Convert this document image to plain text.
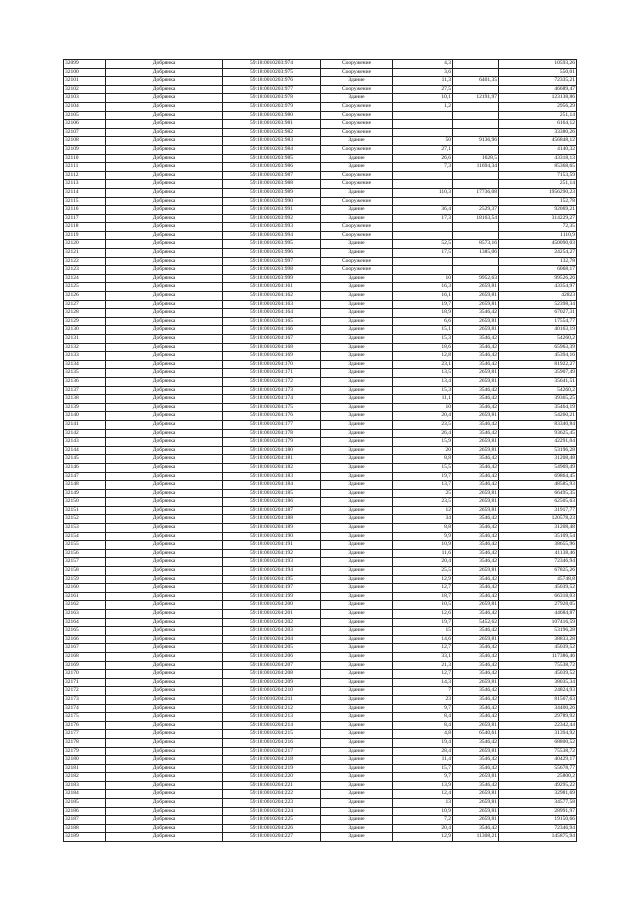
32099	Добрянка	59:18:0010203:974	Сооружение	4,3		10593,26
32100	Добрянка	59:18:0010203:975	Сооружение	3,6		550,01
32101	Добрянка	59:18:0010203:976	Здание	11,3	6401,35	72335,21
32102	Добрянка	59:18:0010203:977	Сооружение	27,5		46689,47
32103	Добрянка	59:18:0010203:978	Здание	10,1	12191,97	123138,86
32104	Добрянка	59:18:0010203:979	Сооружение	1,2		2956,29
32105	Добрянка	59:18:0010203:980	Сооружение			251,14
32106	Добрянка	59:18:0010203:981	Сооружение			6164,12
32107	Добрянка	59:18:0010203:982	Сооружение			33380,26
32108	Добрянка	59:18:0010203:983	Здание	50	9136,96	456848,12
32109	Добрянка	59:18:0010203:984	Сооружение	27,1		4140,32
32110	Добрянка	59:18:0010203:985	Здание	26,6	1628,5	43318,13
32111	Добрянка	59:18:0010203:986	Здание	7,3	11694,34	85368,65
32112	Добрянка	59:18:0010203:987	Сооружение			7153,59
32113	Добрянка	59:18:0010203:988	Сооружение			251,14
32114	Добрянка	59:18:0010203:989	Здание	110,3	17736,08	1956290,23
32115	Добрянка	59:18:0010203:990	Сооружение			152,78
32116	Добрянка	59:18:0010203:991	Здание	36,4	2529,37	92069,21
32117	Добрянка	59:18:0010203:992	Здание	17,3	18163,54	314229,27
32118	Добрянка	59:18:0010203:993	Сооружение			72,35
32119	Добрянка	59:18:0010203:994	Сооружение			1110,9
32120	Добрянка	59:18:0010203:995	Здание	52,5	8573,16	450090,03
32121	Добрянка	59:18:0010203:996	Здание	17,5	1385,06	24254,27
32122	Добрянка	59:18:0010203:997	Сооружение			132,78
32123	Добрянка	59:18:0010203:998	Сооружение			6068,17
32124	Добрянка	59:18:0010203:999	Здание	10	9952,63	99526,26
32125	Добрянка	59:18:0010204:161	Здание	16,3	2659,81	43354,97
32126	Добрянка	59:18:0010204:162	Здание	16,1	2659,81	42823
32127	Добрянка	59:18:0010204:163	Здание	19,7	2659,81	52398,34
32128	Добрянка	59:18:0010204:164	Здание	18,9	3546,42	67027,31
32129	Добрянка	59:18:0010204:165	Здание	6,6	2659,81	17554,77
32130	Добрянка	59:18:0010204:166	Здание	15,1	2659,81	40163,19
32131	Добрянка	59:18:0010204:167	Здание	15,3	3546,42	54260,2
32132	Добрянка	59:18:0010204:168	Здание	18,6	3546,42	65963,39
32133	Добрянка	59:18:0010204:169	Здание	12,8	3546,42	45394,16
32134	Добрянка	59:18:0010204:170	Здание	23,1	3546,42	81922,27
32135	Добрянка	59:18:0010204:171	Здание	13,5	2659,81	35907,49
32136	Добрянка	59:18:0010204:172	Здание	13,4	2659,81	35641,51
32137	Добрянка	59:18:0010204:173	Здание	15,3	3546,42	54260,2
32138	Добрянка	59:18:0010204:174	Здание	11,1	3546,42	39365,25
32139	Добрянка	59:18:0010204:175	Здание	10	3546,42	35464,19
32140	Добрянка	59:18:0010204:176	Здание	20,4	2659,81	54260,21
32141	Добрянка	59:18:0010204:177	Здание	23,5	3546,42	83340,84
32142	Добрянка	59:18:0010204:178	Здание	26,4	3546,42	93625,45
32143	Добрянка	59:18:0010204:179	Здание	15,9	2659,81	42291,04
32144	Добрянка	59:18:0010204:180	Здание	20	2659,81	53196,28
32145	Добрянка	59:18:0010204:181	Здание	8,8	3546,42	31208,48
32146	Добрянка	59:18:0010204:182	Здание	15,5	3546,42	54969,49
32147	Добрянка	59:18:0010204:183	Здание	19,7	3546,42	69864,45
32148	Добрянка	59:18:0010204:184	Здание	13,7	3546,42	48585,93
32149	Добрянка	59:18:0010204:185	Здание	25	2659,81	66495,35
32150	Добрянка	59:18:0010204:186	Здание	23,5	2659,81	62505,63
32151	Добрянка	59:18:0010204:187	Здание	12	2659,81	31917,77
32152	Добрянка	59:18:0010204:188	Здание	34	3546,42	120578,23
32153	Добрянка	59:18:0010204:189	Здание	8,8	3546,42	31208,48
32154	Добрянка	59:18:0010204:190	Здание	9,9	3546,42	35109,54
32155	Добрянка	59:18:0010204:191	Здание	10,9	3546,42	38655,96
32156	Добрянка	59:18:0010204:192	Здание	11,6	3546,42	41138,46
32157	Добрянка	59:18:0010204:193	Здание	20,4	3546,42	72346,94
32158	Добрянка	59:18:0010204:194	Здание	25,5	2659,81	67825,26
32159	Добрянка	59:18:0010204:195	Здание	12,9	3546,42	45748,8
32160	Добрянка	59:18:0010204:197	Здание	12,7	3546,42	45039,52
32161	Добрянка	59:18:0010204:199	Здание	18,7	3546,42	66318,03
32162	Добрянка	59:18:0010204:200	Здание	10,5	2659,81	27928,05
32163	Добрянка	59:18:0010204:201	Здание	12,6	3546,42	44684,87
32164	Добрянка	59:18:0010204:202	Здание	19,7	5452,62	107416,59
32165	Добрянка	59:18:0010204:203	Здание	15	3546,42	53196,28
32166	Добрянка	59:18:0010204:204	Здание	14,6	2659,81	38833,28
32167	Добрянка	59:18:0010204:205	Здание	12,7	3546,42	45039,52
32168	Добрянка	59:18:0010204:206	Здание	33,1	3546,42	117386,46
32169	Добрянка	59:18:0010204:207	Здание	21,3	3546,42	75538,72
32170	Добрянка	59:18:0010204:208	Здание	12,7	3546,42	45039,52
32171	Добрянка	59:18:0010204:209	Здание	14,3	2659,81	38035,34
32172	Добрянка	59:18:0010204:210	Здание	7	3546,42	24824,93
32173	Добрянка	59:18:0010204:211	Здание	23	3546,42	81567,63
32174	Добрянка	59:18:0010204:212	Здание	9,7	3546,42	34400,26
32175	Добрянка	59:18:0010204:213	Здание	8,4	3546,42	29789,92
32176	Добрянка	59:18:0010204:214	Здание	8,4	2659,81	22342,44
32177	Добрянка	59:18:0010204:215	Здание	4,8	6540,61	31394,92
32178	Добрянка	59:18:0010204:216	Здание	19,4	3546,42	68800,52
32179	Добрянка	59:18:0010204:217	Здание	28,4	2659,81	75538,72
32180	Добрянка	59:18:0010204:218	Здание	11,4	3546,42	40429,17
32181	Добрянка	59:18:0010204:219	Здание	15,7	3546,42	55678,77
32182	Добрянка	59:18:0010204:220	Здание	9,7	2659,81	25800,2
32183	Добрянка	59:18:0010204:221	Здание	13,9	3546,42	49295,22
32184	Добрянка	59:18:0010204:222	Здание	12,4	2659,81	32981,69
32185	Добрянка	59:18:0010204:223	Здание	13	2659,81	34577,58
32186	Добрянка	59:18:0010204:224	Здание	10,9	2659,81	28991,97
32187	Добрянка	59:18:0010204:225	Здание	7,2	2659,81	19150,66
32188	Добрянка	59:18:0010204:226	Здание	20,4	3546,42	72346,94
32189	Добрянка	59:18:0010204:227	Здание	12,9	11308,21	145875,94
